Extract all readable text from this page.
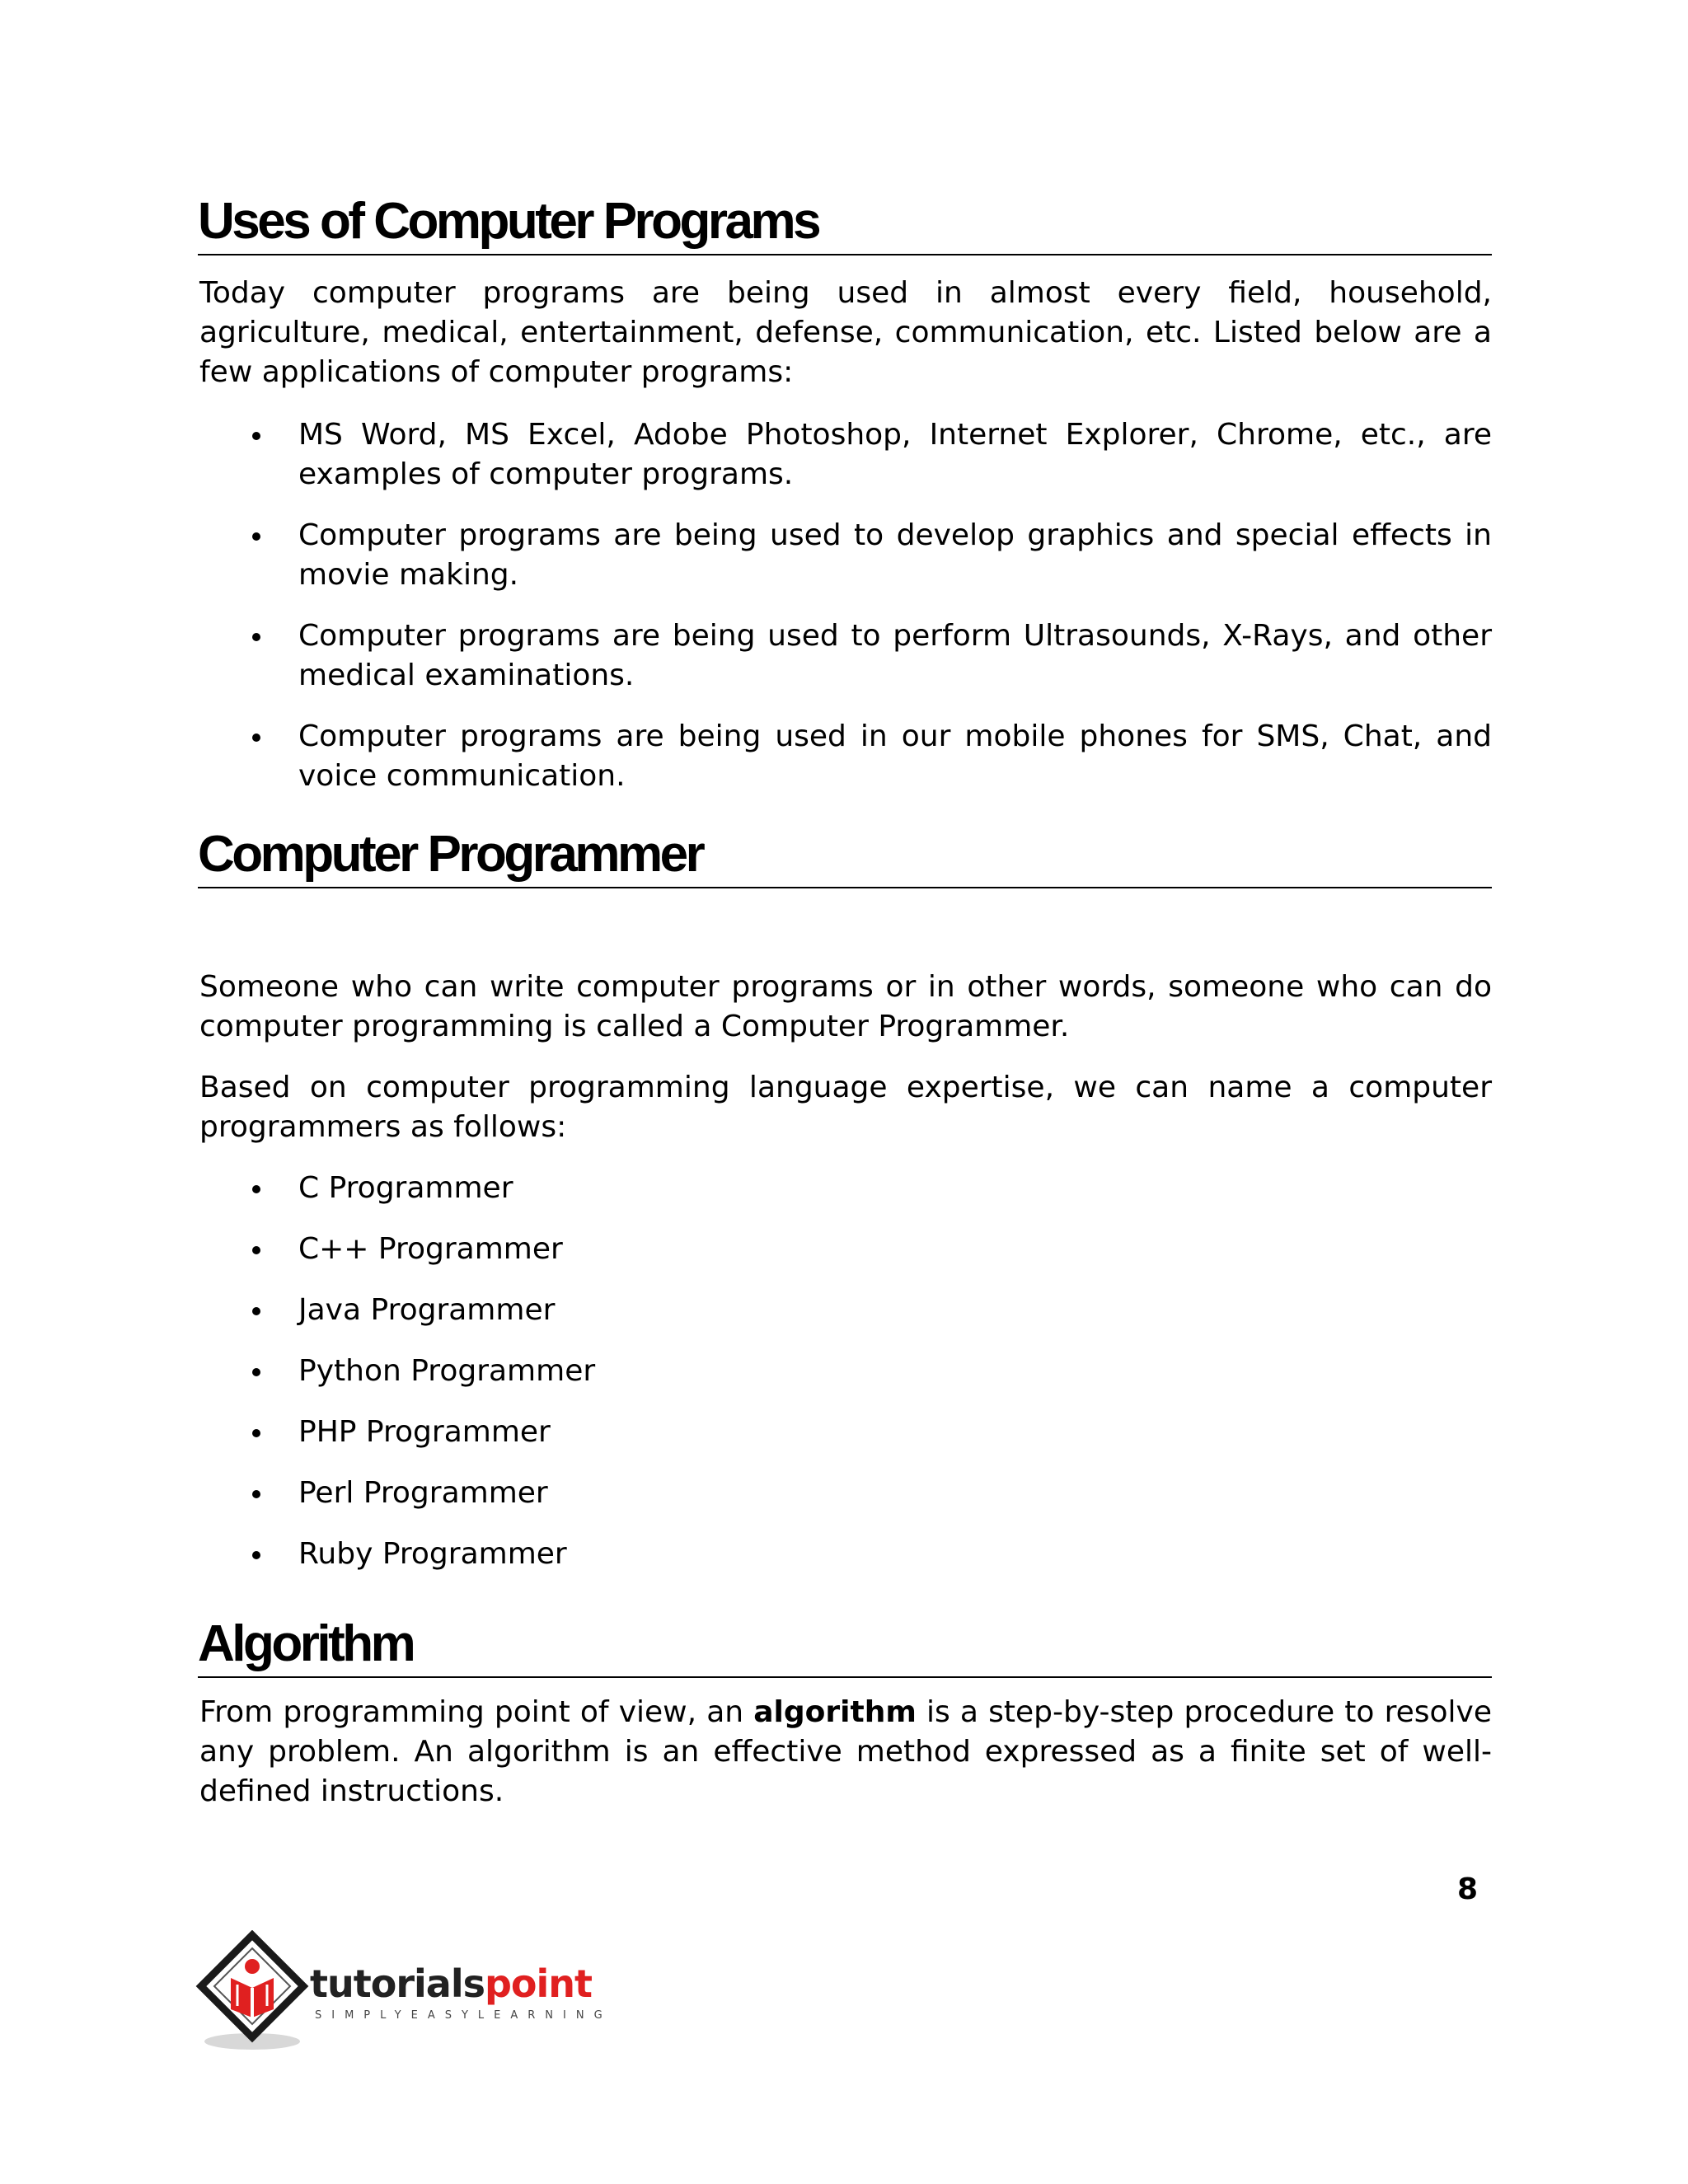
Uses of Computer Programs

Today computer programs are being used in almost every field, household, agriculture, medical, entertainment, defense, communication, etc. Listed below are a few applications of computer programs:

MS Word, MS Excel, Adobe Photoshop, Internet Explorer, Chrome, etc., are examples of computer programs.
Computer programs are being used to develop graphics and special effects in movie making.
Computer programs are being used to perform Ultrasounds, X-Rays, and other medical examinations.
Computer programs are being used in our mobile phones for SMS, Chat, and voice communication.
Computer Programmer

Someone who can write computer programs or in other words, someone who can do computer programming is called a Computer Programmer.

Based on computer programming language expertise, we can name a computer programmers as follows:

C Programmer
C++ Programmer
Java Programmer
Python Programmer
PHP Programmer
Perl Programmer
Ruby Programmer
Algorithm

From programming point of view, an algorithm is a step-by-step procedure to resolve any problem. An algorithm is an effective method expressed as a finite set of well-defined instructions.

8
tutorialspoint
SIMPLYEASYLEARNING
